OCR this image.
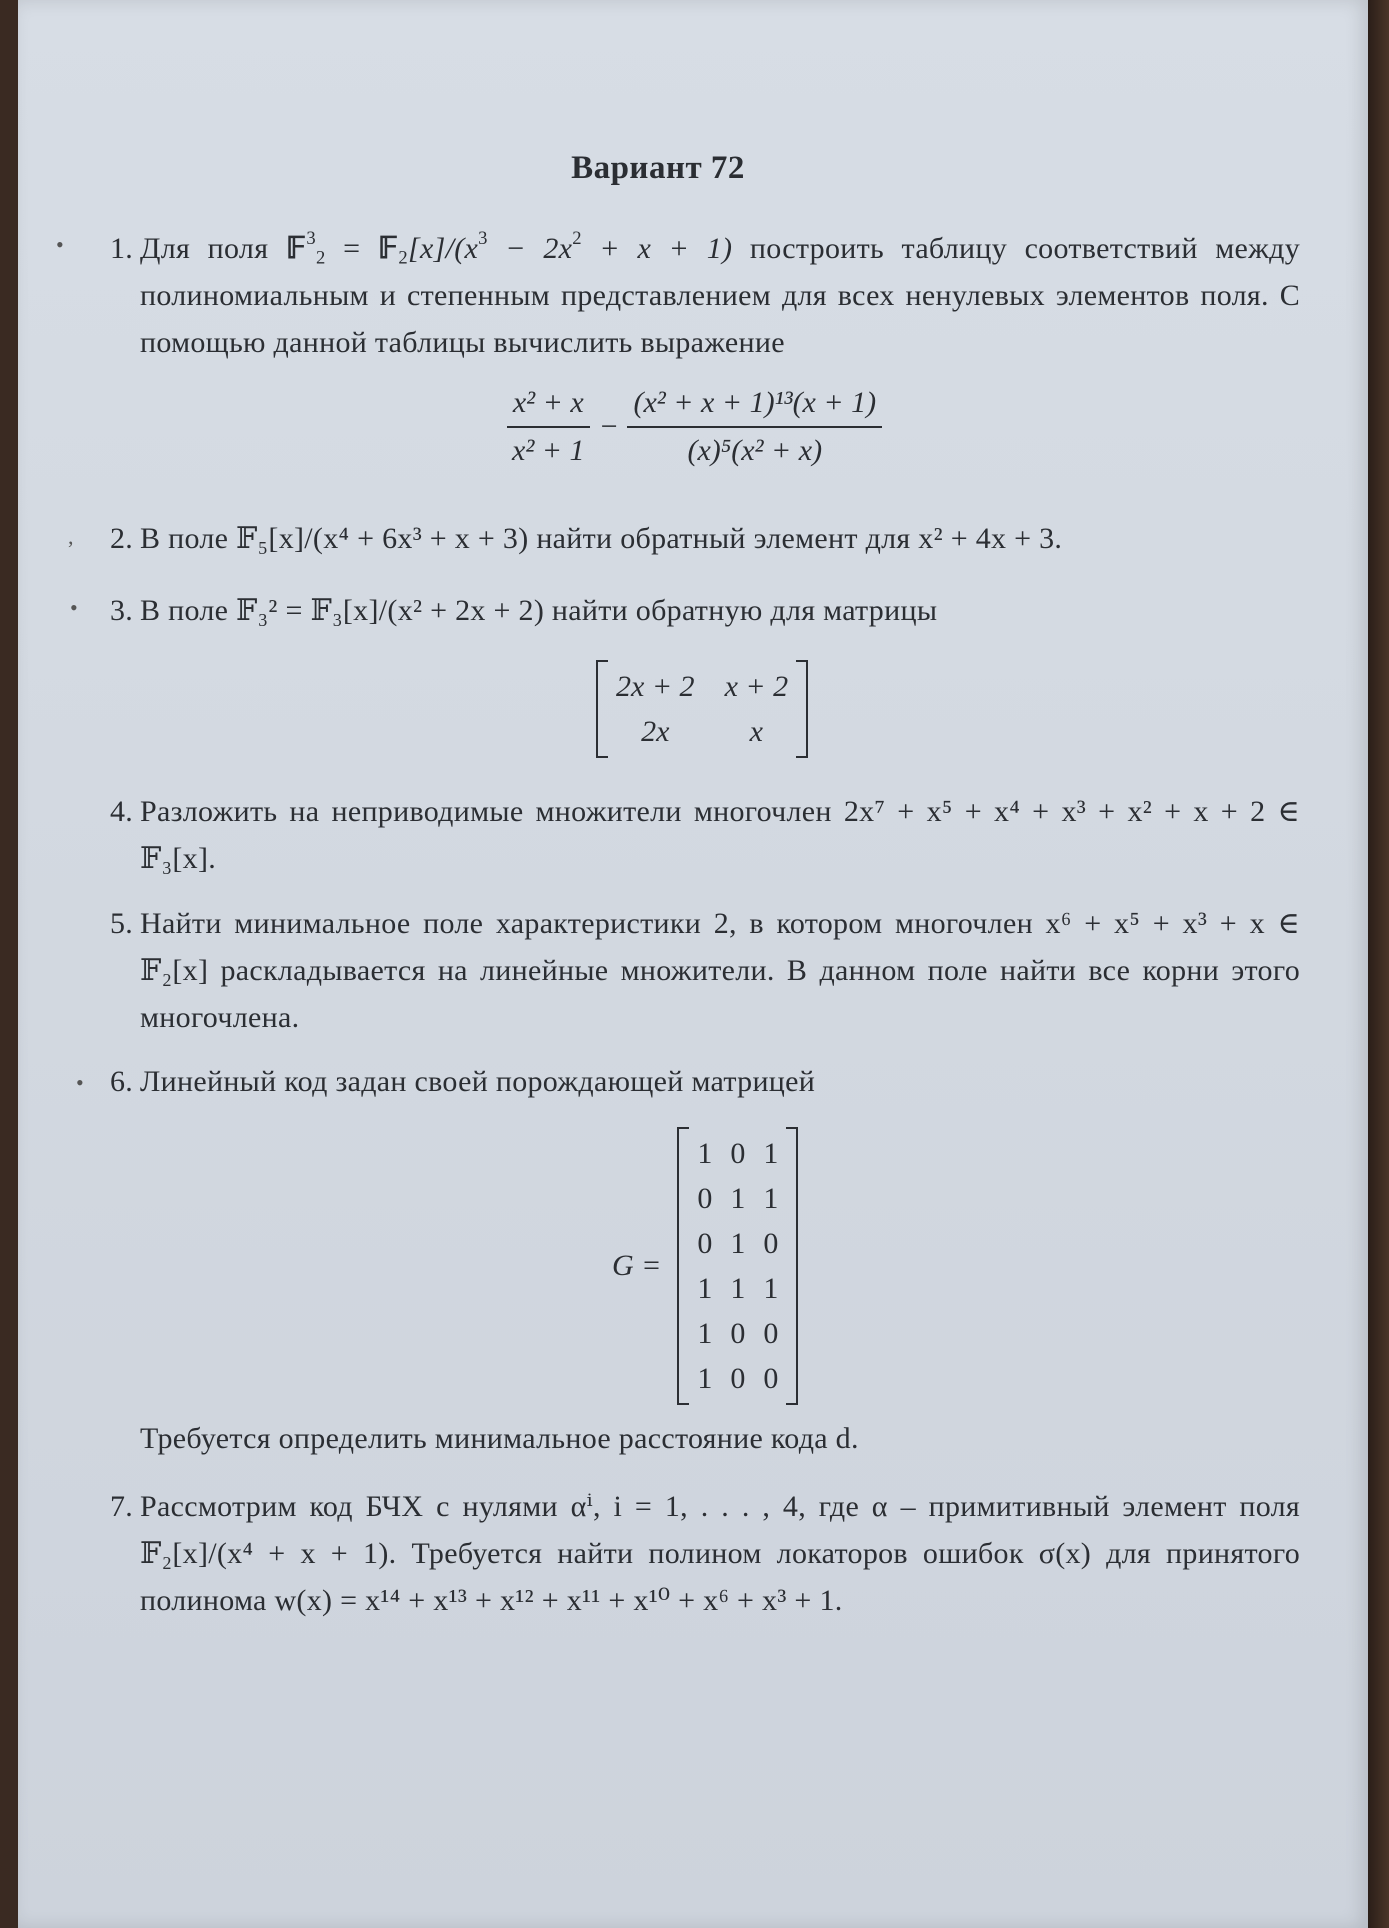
Вариант 72
• 1. Для поля 𝔽$^3_2$ = $𝔽_2[x]/(x^3 - 2x^2 + x + 1)$ построить таблицу соответствий между полиномиальным и степенным представлением для всех ненулевых элементов поля. С помощью данной таблицы вычислить выражение
$\frac{\text{x² + x}}{\text{x² + 1}} - \frac{\text{(x² + x + 1)¹³(x + 1)}}{\text{(x)⁵(x² + x)}}$
, 2. В поле 𝔽₅[x]/(x⁴ + 6x³ + x + 3) найти обратный элемент для x² + 4x + 3.
• 3. В поле 𝔽₃² = 𝔽₃[x]/(x² + 2x + 2) найти обратную для матрицы
2x + 2 x + 2
2x	x
4. Разложить на неприводимые множители многочлен 2x⁷ + x⁵ + x⁴ + x³ + x² + x + 2 ∈ 𝔽₃[x].
5. Найти минимальное поле характеристики 2, в котором многочлен x⁶ + x⁵ + x³ + x ∈ 𝔽₂[x] раскладывается на линейные множители. В данном поле найти все корни этого многочлена.
• 6. Линейный код задан своей порождающей матрицей
G =
1 0 1
0 1 1
0 1 0
1 1 1
1 0 0
1 0 0
Требуется определить минимальное расстояние кода d.
7. Рассмотрим код БЧХ с нулями αⁱ, i = 1, . . . , 4, где α – примитивный элемент поля 𝔽₂[x]/(x⁴ + x + 1). Требуется найти полином локаторов ошибок σ(x) для принятого полинома w(x) = x¹⁴ + x¹³ + x¹² + x¹¹ + x¹⁰ + x⁶ + x³ + 1.
